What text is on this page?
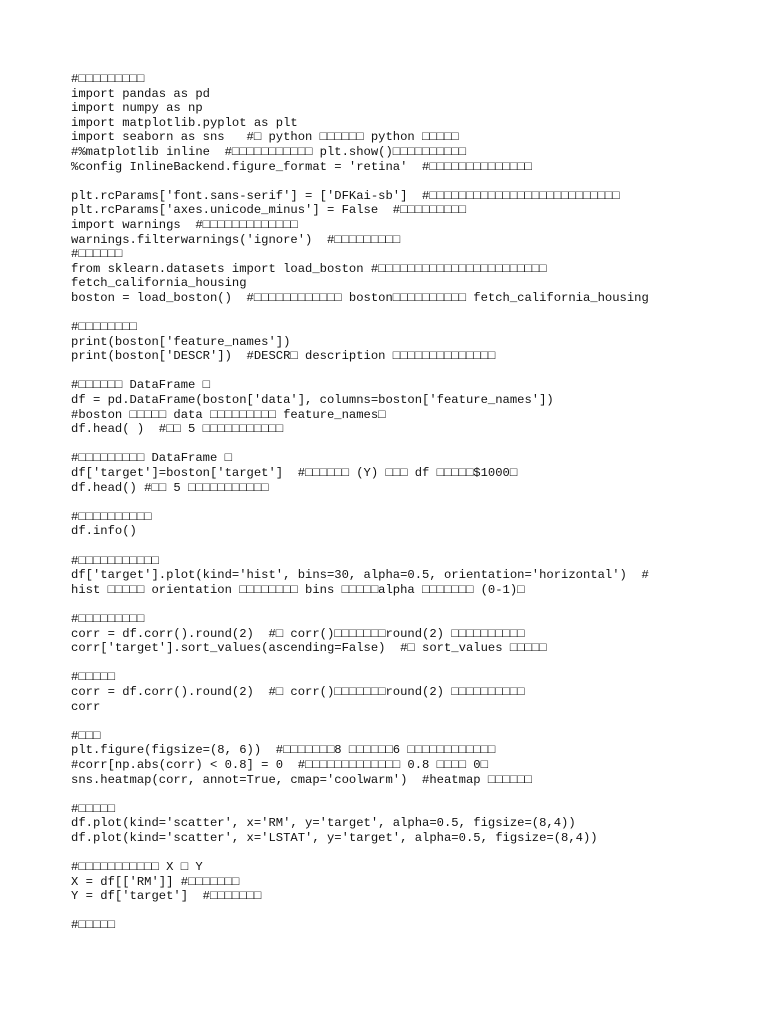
#□□□□□□□□□
import pandas as pd
import numpy as np
import matplotlib.pyplot as plt
import seaborn as sns   #□ python □□□□□□ python □□□□□
#%matplotlib inline  #□□□□□□□□□□□ plt.show()□□□□□□□□□□
%config InlineBackend.figure_format = 'retina'  #□□□□□□□□□□□□□□
plt.rcParams['font.sans-serif'] = ['DFKai-sb']  #□□□□□□□□□□□□□□□□□□□□□□□□□□
plt.rcParams['axes.unicode_minus'] = False  #□□□□□□□□□
import warnings  #□□□□□□□□□□□□□
warnings.filterwarnings('ignore')  #□□□□□□□□□
#□□□□□□
from sklearn.datasets import load_boston #□□□□□□□□□□□□□□□□□□□□□□□
fetch_california_housing
boston = load_boston()  #□□□□□□□□□□□□ boston□□□□□□□□□□ fetch_california_housing
#□□□□□□□□
print(boston['feature_names'])
print(boston['DESCR'])  #DESCR□ description □□□□□□□□□□□□□□
#□□□□□□ DataFrame □
df = pd.DataFrame(boston['data'], columns=boston['feature_names'])
#boston □□□□□ data □□□□□□□□□ feature_names□
df.head( )  #□□ 5 □□□□□□□□□□□
#□□□□□□□□□ DataFrame □
df['target']=boston['target']  #□□□□□□ (Y) □□□ df □□□□□$1000□
df.head() #□□ 5 □□□□□□□□□□□
#□□□□□□□□□□
df.info()
#□□□□□□□□□□□
df['target'].plot(kind='hist', bins=30, alpha=0.5, orientation='horizontal')  #
hist □□□□□ orientation □□□□□□□□ bins □□□□□alpha □□□□□□□ (0-1)□
#□□□□□□□□□
corr = df.corr().round(2)  #□ corr()□□□□□□□round(2) □□□□□□□□□□
corr['target'].sort_values(ascending=False)  #□ sort_values □□□□□
#□□□□□
corr = df.corr().round(2)  #□ corr()□□□□□□□round(2) □□□□□□□□□□
corr
#□□□
plt.figure(figsize=(8, 6))  #□□□□□□□8 □□□□□□6 □□□□□□□□□□□□
#corr[np.abs(corr) < 0.8] = 0  #□□□□□□□□□□□□□ 0.8 □□□□ 0□
sns.heatmap(corr, annot=True, cmap='coolwarm')  #heatmap □□□□□□
#□□□□□
df.plot(kind='scatter', x='RM', y='target', alpha=0.5, figsize=(8,4))
df.plot(kind='scatter', x='LSTAT', y='target', alpha=0.5, figsize=(8,4))
#□□□□□□□□□□□ X □ Y
X = df[['RM']] #□□□□□□□
Y = df['target']  #□□□□□□□
#□□□□□
